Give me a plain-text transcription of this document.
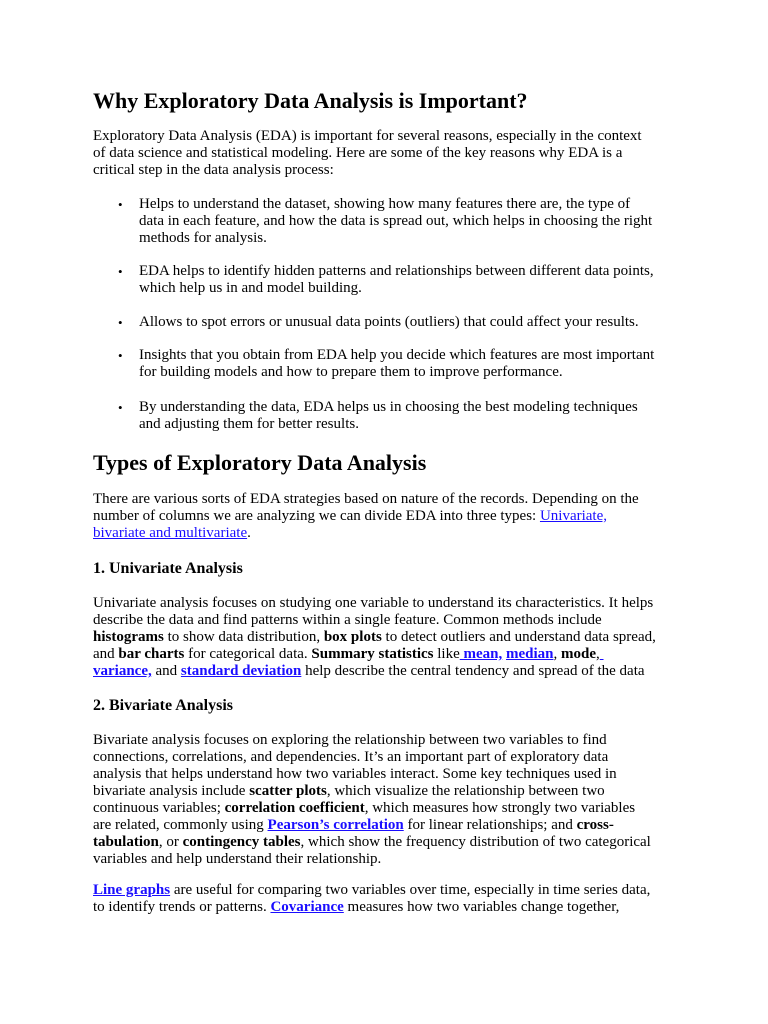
Why Exploratory Data Analysis is Important?
Exploratory Data Analysis (EDA) is important for several reasons, especially in the context
of data science and statistical modeling. Here are some of the key reasons why EDA is a
critical step in the data analysis process:
• Helps to understand the dataset, showing how many features there are, the type of
data in each feature, and how the data is spread out, which helps in choosing the right
methods for analysis.
• EDA helps to identify hidden patterns and relationships between different data points,
which help us in and model building.
• Allows to spot errors or unusual data points (outliers) that could affect your results.
• Insights that you obtain from EDA help you decide which features are most important
for building models and how to prepare them to improve performance.
• By understanding the data, EDA helps us in choosing the best modeling techniques
and adjusting them for better results.
Types of Exploratory Data Analysis
There are various sorts of EDA strategies based on nature of the records. Depending on the
number of columns we are analyzing we can divide EDA into three types: Univariate,
bivariate and multivariate.
1. Univariate Analysis
Univariate analysis focuses on studying one variable to understand its characteristics. It helps
describe the data and find patterns within a single feature. Common methods include
histograms to show data distribution, box plots to detect outliers and understand data spread,
and bar charts for categorical data. Summary statistics like mean, median, mode,
variance, and standard deviation help describe the central tendency and spread of the data
2. Bivariate Analysis
Bivariate analysis focuses on exploring the relationship between two variables to find
connections, correlations, and dependencies. It’s an important part of exploratory data
analysis that helps understand how two variables interact. Some key techniques used in
bivariate analysis include scatter plots, which visualize the relationship between two
continuous variables; correlation coefficient, which measures how strongly two variables
are related, commonly using Pearson’s correlation for linear relationships; and cross-
tabulation, or contingency tables, which show the frequency distribution of two categorical
variables and help understand their relationship.
Line graphs are useful for comparing two variables over time, especially in time series data,
to identify trends or patterns. Covariance measures how two variables change together,
